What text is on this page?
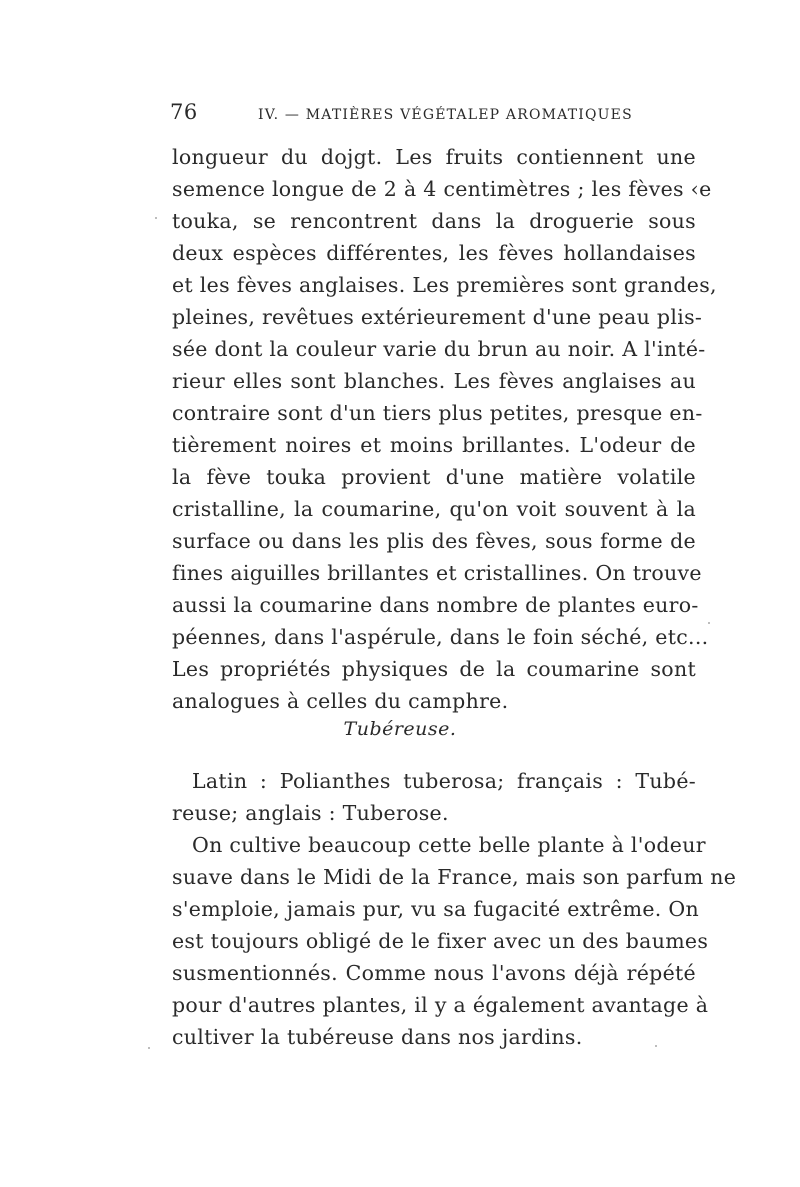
76	IV. — MATIÈRES VÉGÉTALEP AROMATIQUES
longueur du dojgt. Les fruits contiennent une
semence longue de 2 à 4 centimètres ; les fèves ‹e
touka, se rencontrent dans la droguerie sous
deux espèces différentes, les fèves hollandaises
et les fèves anglaises. Les premières sont grandes,
pleines, revêtues extérieurement d'une peau plis-
sée dont la couleur varie du brun au noir. A l'inté-
rieur elles sont blanches. Les fèves anglaises au
contraire sont d'un tiers plus petites, presque en-
tièrement noires et moins brillantes. L'odeur de
la fève touka provient d'une matière volatile
cristalline, la coumarine, qu'on voit souvent à la
surface ou dans les plis des fèves, sous forme de
fines aiguilles brillantes et cristallines. On trouve
aussi la coumarine dans nombre de plantes euro-
péennes, dans l'aspérule, dans le foin séché, etc...
Les propriétés physiques de la coumarine sont
analogues à celles du camphre.
Tubéreuse.
Latin : Polianthes tuberosa; français : Tubé-
reuse; anglais : Tuberose.
On cultive beaucoup cette belle plante à l'odeur
suave dans le Midi de la France, mais son parfum ne
s'emploie, jamais pur, vu sa fugacité extrême. On
est toujours obligé de le fixer avec un des baumes
susmentionnés. Comme nous l'avons déjà répété
pour d'autres plantes, il y a également avantage à
cultiver la tubéreuse dans nos jardins.
